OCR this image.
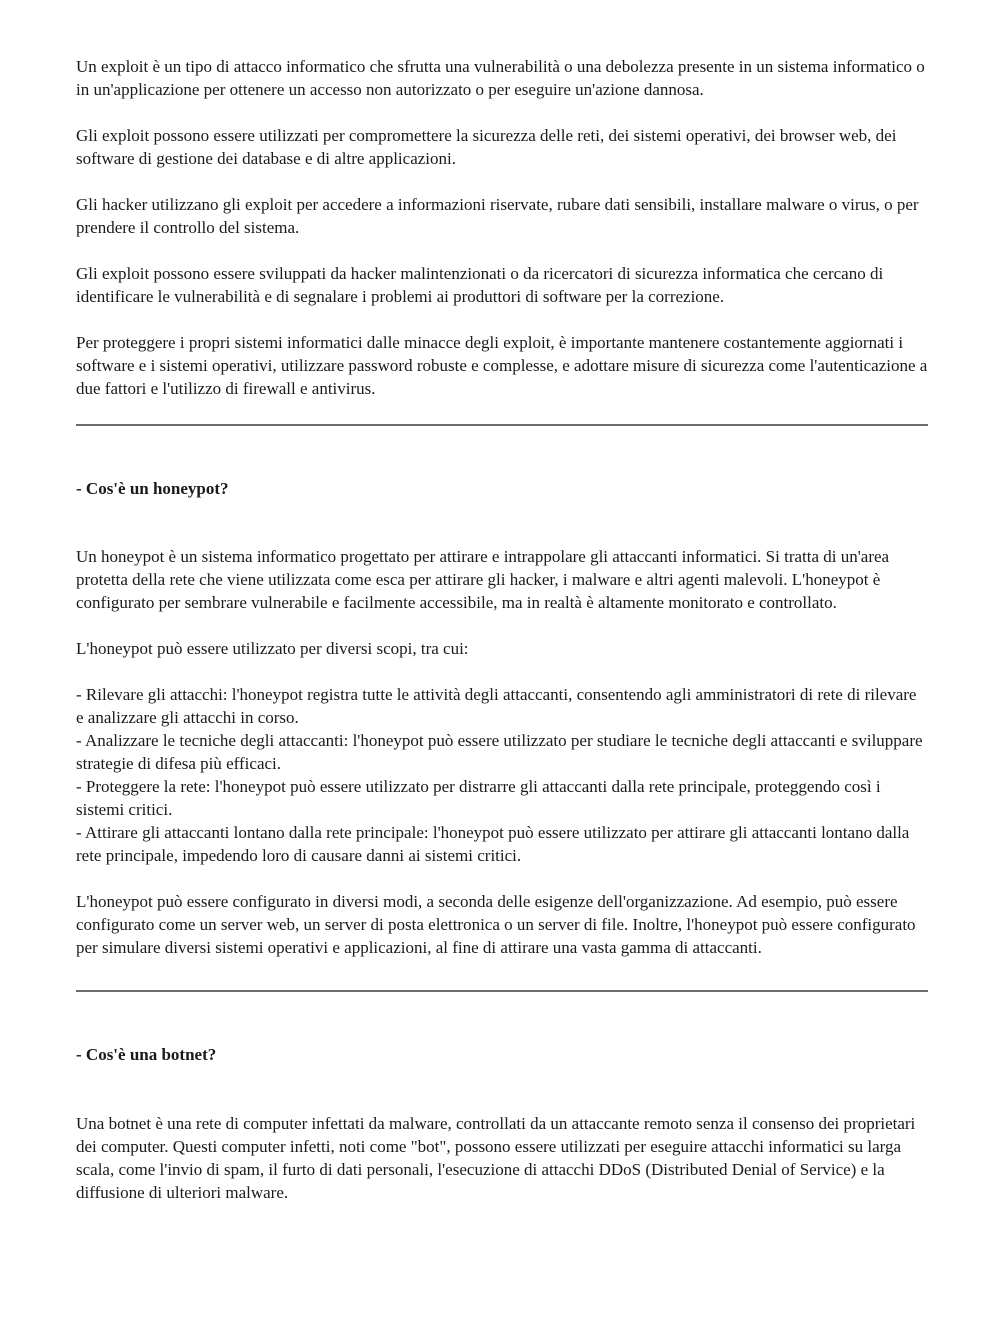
Un exploit è un tipo di attacco informatico che sfrutta una vulnerabilità o una debolezza presente in un sistema informatico o in un'applicazione per ottenere un accesso non autorizzato o per eseguire un'azione dannosa.

Gli exploit possono essere utilizzati per compromettere la sicurezza delle reti, dei sistemi operativi, dei browser web, dei software di gestione dei database e di altre applicazioni.

Gli hacker utilizzano gli exploit per accedere a informazioni riservate, rubare dati sensibili, installare malware o virus, o per prendere il controllo del sistema.

Gli exploit possono essere sviluppati da hacker malintenzionati o da ricercatori di sicurezza informatica che cercano di identificare le vulnerabilità e di segnalare i problemi ai produttori di software per la correzione.

Per proteggere i propri sistemi informatici dalle minacce degli exploit, è importante mantenere costantemente aggiornati i software e i sistemi operativi, utilizzare password robuste e complesse, e adottare misure di sicurezza come l'autenticazione a due fattori e l'utilizzo di firewall e antivirus.

- Cos'è un honeypot?

Un honeypot è un sistema informatico progettato per attirare e intrappolare gli attaccanti informatici. Si tratta di un'area protetta della rete che viene utilizzata come esca per attirare gli hacker, i malware e altri agenti malevoli. L'honeypot è configurato per sembrare vulnerabile e facilmente accessibile, ma in realtà è altamente monitorato e controllato.

L'honeypot può essere utilizzato per diversi scopi, tra cui:

- Rilevare gli attacchi: l'honeypot registra tutte le attività degli attaccanti, consentendo agli amministratori di rete di rilevare e analizzare gli attacchi in corso.

- Analizzare le tecniche degli attaccanti: l'honeypot può essere utilizzato per studiare le tecniche degli attaccanti e sviluppare strategie di difesa più efficaci.

- Proteggere la rete: l'honeypot può essere utilizzato per distrarre gli attaccanti dalla rete principale, proteggendo così i sistemi critici.

- Attirare gli attaccanti lontano dalla rete principale: l'honeypot può essere utilizzato per attirare gli attaccanti lontano dalla rete principale, impedendo loro di causare danni ai sistemi critici.

L'honeypot può essere configurato in diversi modi, a seconda delle esigenze dell'organizzazione. Ad esempio, può essere configurato come un server web, un server di posta elettronica o un server di file. Inoltre, l'honeypot può essere configurato per simulare diversi sistemi operativi e applicazioni, al fine di attirare una vasta gamma di attaccanti.

- Cos'è una botnet?

Una botnet è una rete di computer infettati da malware, controllati da un attaccante remoto senza il consenso dei proprietari dei computer. Questi computer infetti, noti come "bot", possono essere utilizzati per eseguire attacchi informatici su larga scala, come l'invio di spam, il furto di dati personali, l'esecuzione di attacchi DDoS (Distributed Denial of Service) e la diffusione di ulteriori malware.
